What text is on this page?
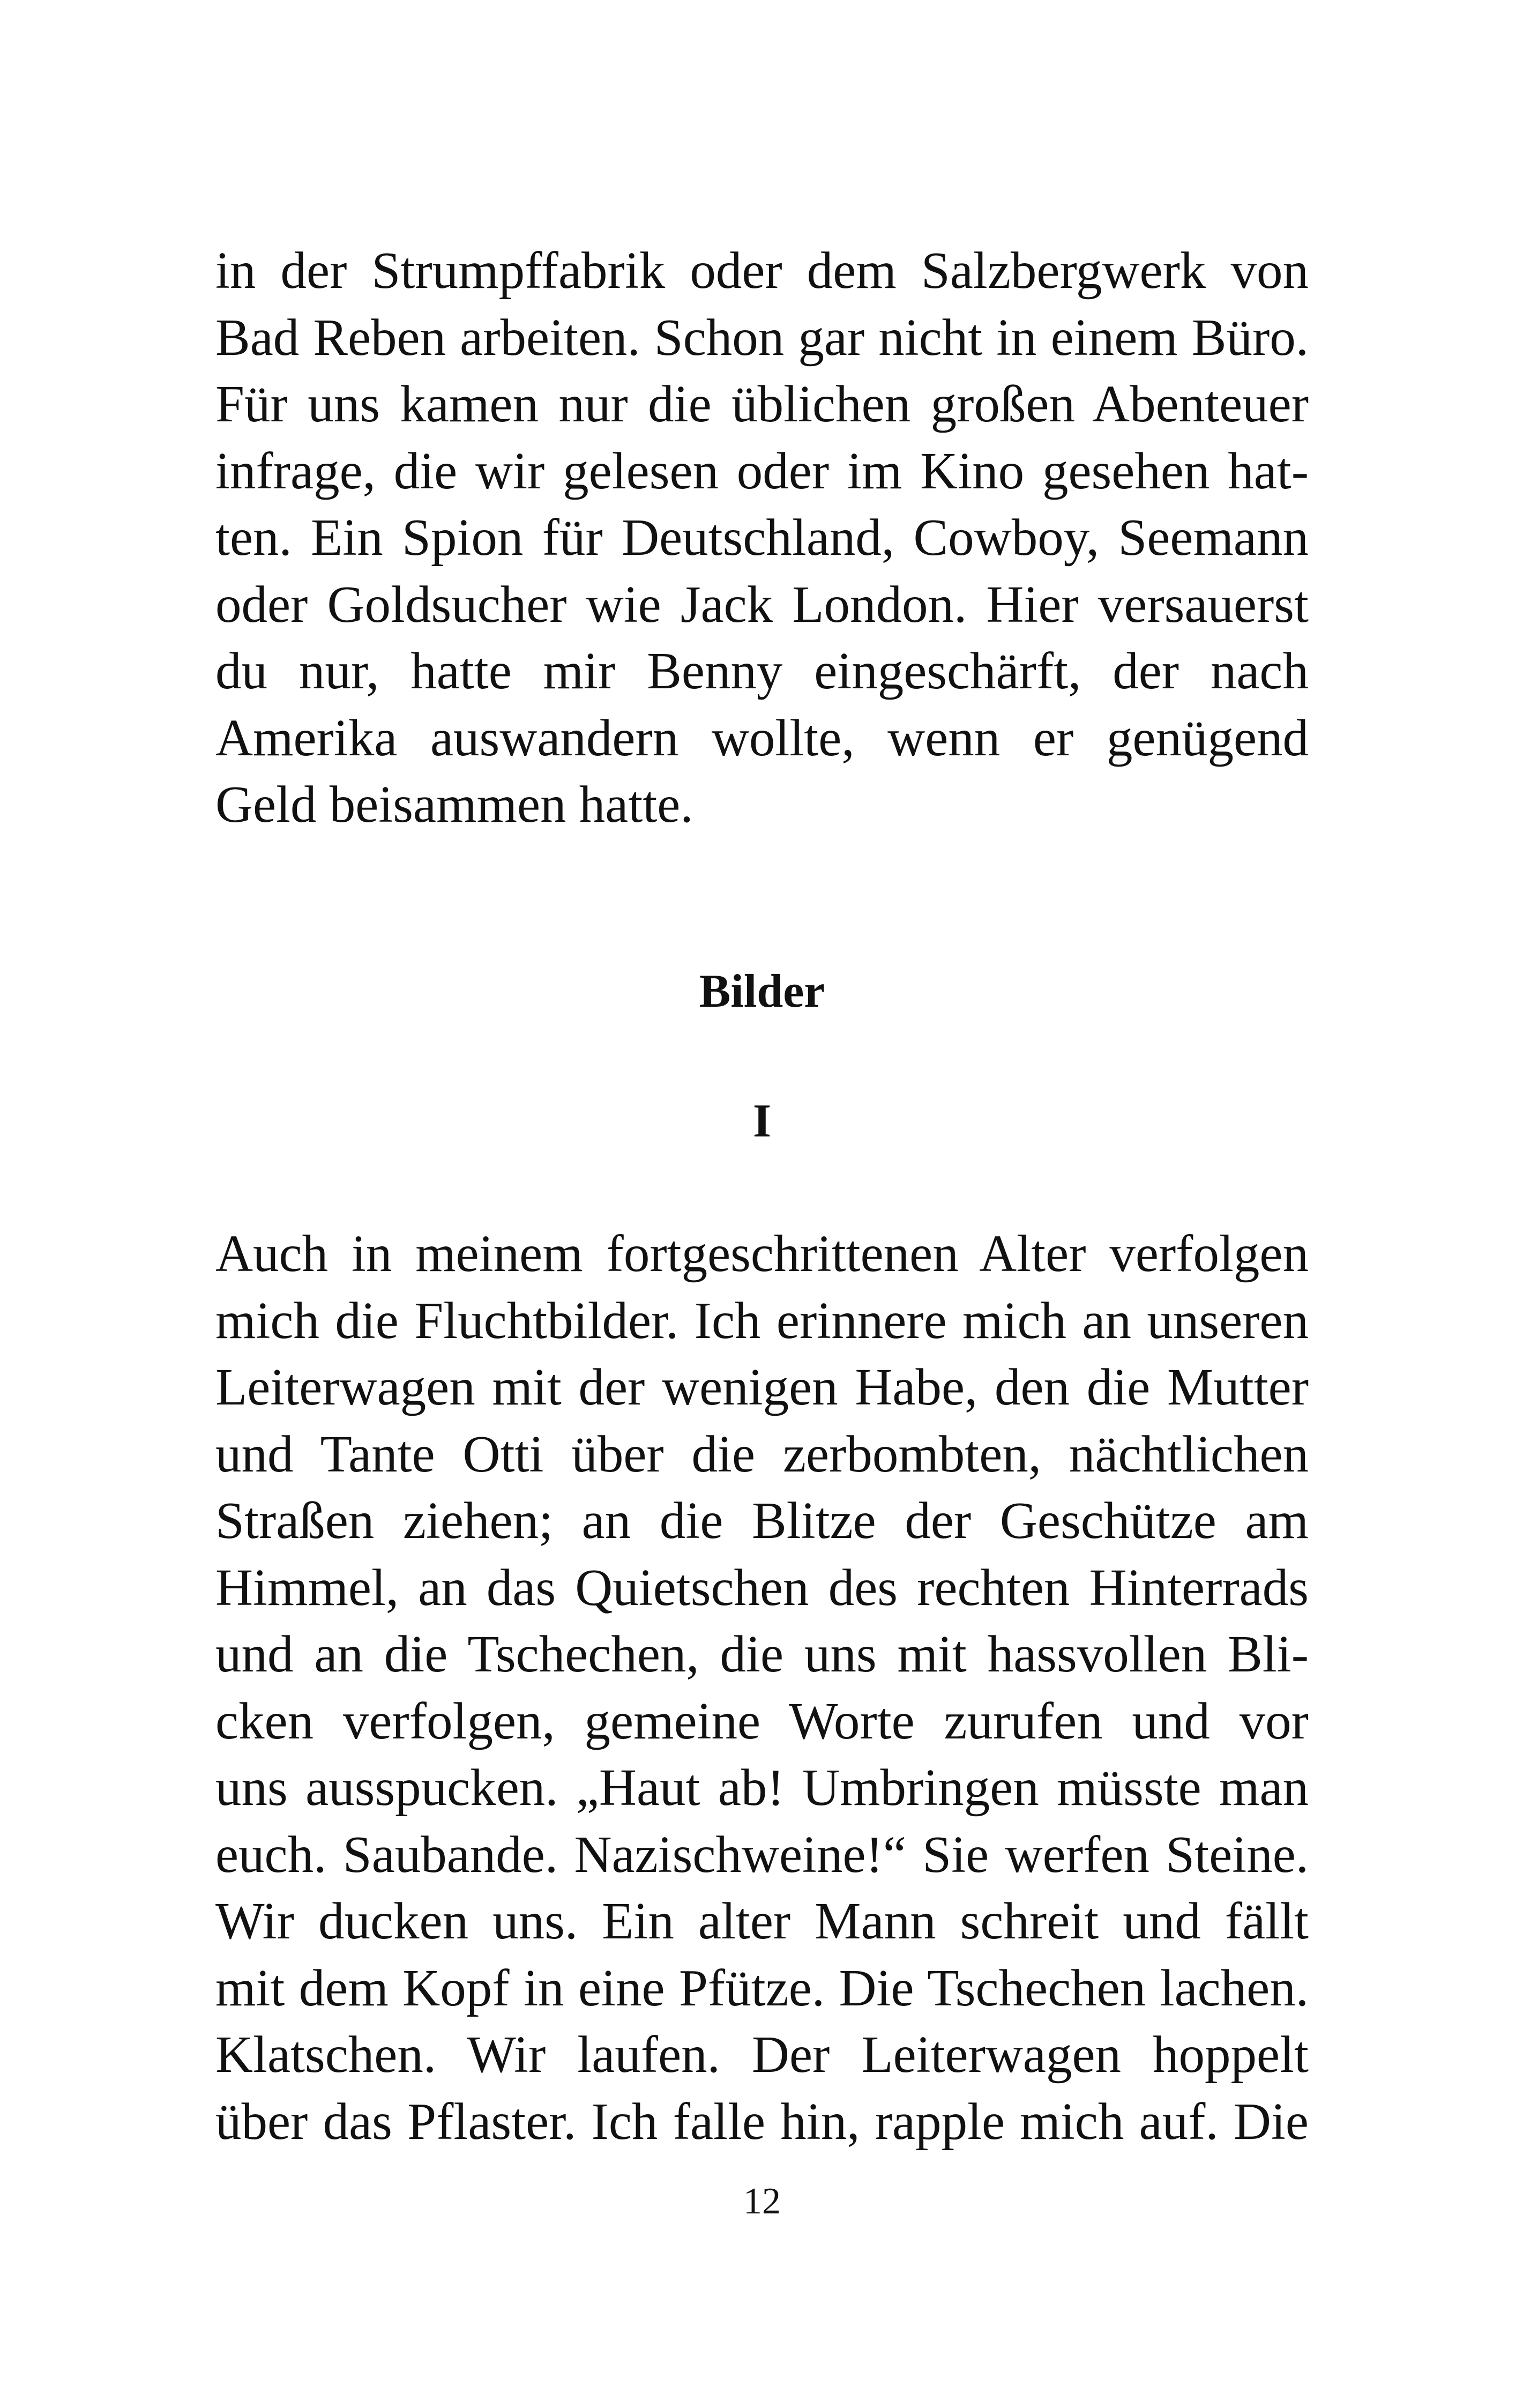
in der Strumpffabrik oder dem Salzbergwerk von
Bad Reben arbeiten. Schon gar nicht in einem Büro.
Für uns kamen nur die üblichen großen Abenteuer
infrage, die wir gelesen oder im Kino gesehen hat-
ten. Ein Spion für Deutschland, Cowboy, Seemann
oder Goldsucher wie Jack London. Hier versauerst
du nur, hatte mir Benny eingeschärft, der nach
Amerika auswandern wollte, wenn er genügend
Geld beisammen hatte.
Bilder
I
Auch in meinem fortgeschrittenen Alter verfolgen
mich die Fluchtbilder. Ich erinnere mich an unseren
Leiterwagen mit der wenigen Habe, den die Mutter
und Tante Otti über die zerbombten, nächtlichen
Straßen ziehen; an die Blitze der Geschütze am
Himmel, an das Quietschen des rechten Hinterrads
und an die Tschechen, die uns mit hassvollen Bli-
cken verfolgen, gemeine Worte zurufen und vor
uns ausspucken. „Haut ab! Umbringen müsste man
euch. Saubande. Nazischweine!“ Sie werfen Steine.
Wir ducken uns. Ein alter Mann schreit und fällt
mit dem Kopf in eine Pfütze. Die Tschechen lachen.
Klatschen. Wir laufen. Der Leiterwagen hoppelt
über das Pflaster. Ich falle hin, rapple mich auf. Die
12
